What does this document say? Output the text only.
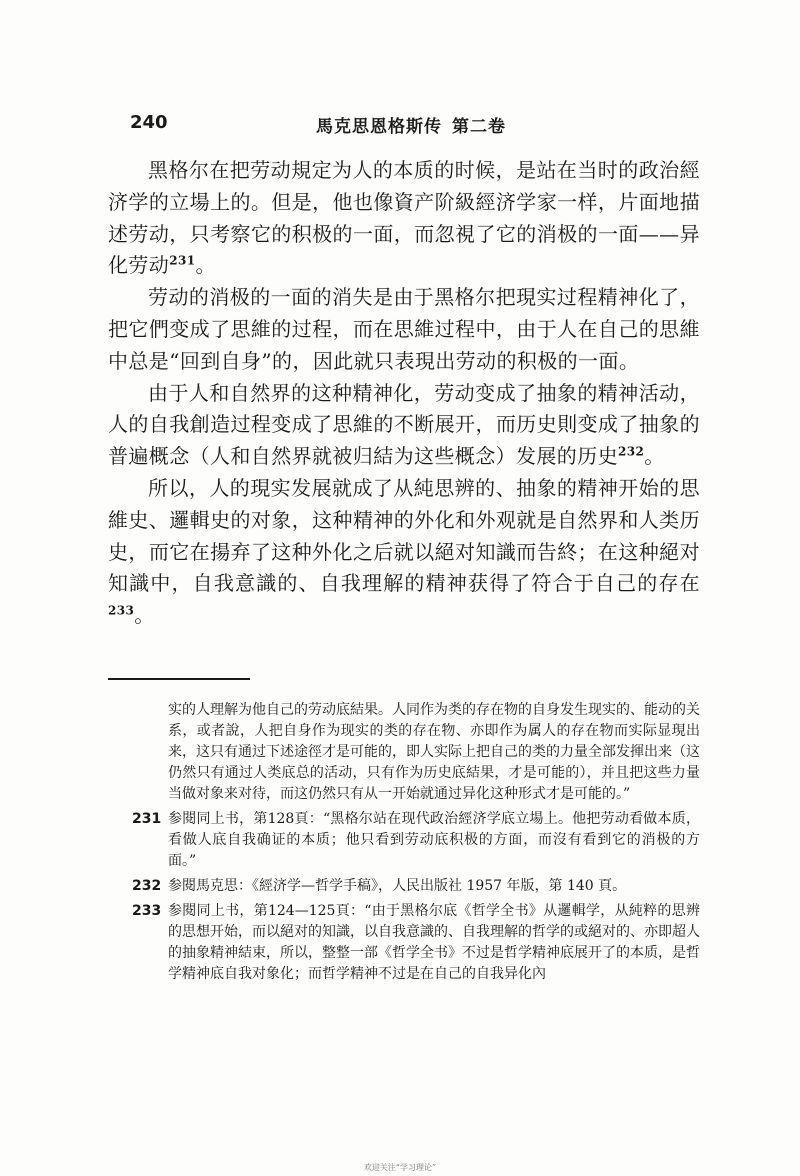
240	馬克思恩格斯传 第二卷

黑格尔在把劳动規定为人的本质的时候，是站在当时的政治經济学的立場上的。但是，他也像資产阶級經济学家一样，片面地描述劳动，只考察它的积极的一面，而忽視了它的消极的一面——异化劳动$^{231}$。

劳动的消极的一面的消失是由于黑格尔把現实过程精神化了，把它們变成了思維的过程，而在思維过程中，由于人在自己的思維中总是“回到自身”的，因此就只表現出劳动的积极的一面。

由于人和自然界的这种精神化，劳动变成了抽象的精神活动，人的自我創造过程变成了思維的不断展开，而历史則变成了抽象的普遍概念（人和自然界就被归結为这些概念）发展的历史$^{232}$。

所以，人的現实发展就成了从純思辨的、抽象的精神开始的思維史、邏輯史的对象，这种精神的外化和外观就是自然界和人类历史，而它在揚弃了这种外化之后就以絕对知識而告終；在这种絕对知識中，自我意識的、自我理解的精神获得了符合于自己的存在$^{233}$。

实的人理解为他自己的劳动底結果。人同作为类的存在物的自身发生现实的、能动的关系，或者說，人把自身作为现实的类的存在物、亦即作为属人的存在物而实际显現出来，这只有通过下述途徑才是可能的，即人实际上把自己的类的力量全部发揮出来（这仍然只有通过人类底总的活动，只有作为历史底結果，才是可能的），并且把这些力量当做对象来对待，而这仍然只有从一开始就通过异化这种形式才是可能的。”

231 参閱同上书，第128頁：“黑格尔站在现代政治經济学底立場上。他把劳动看做本质，看做人底自我确证的本质；他只看到劳动底积极的方面，而沒有看到它的消极的方面。”
232 参閱馬克思：《經济学—哲学手稿》，人民出版社 1957 年版，第 140 頁。
233 参閱同上书，第124—125頁：“由于黑格尔底《哲学全书》从邏輯学，从純粹的思辨的思想开始，而以絕对的知識，以自我意識的、自我理解的哲学的或絕对的、亦即超人的抽象精神結束，所以，整整一部《哲学全书》不过是哲学精神底展开了的本质，是哲学精神底自我对象化；而哲学精神不过是在自己的自我异化內
欢迎关注“学习理论”
